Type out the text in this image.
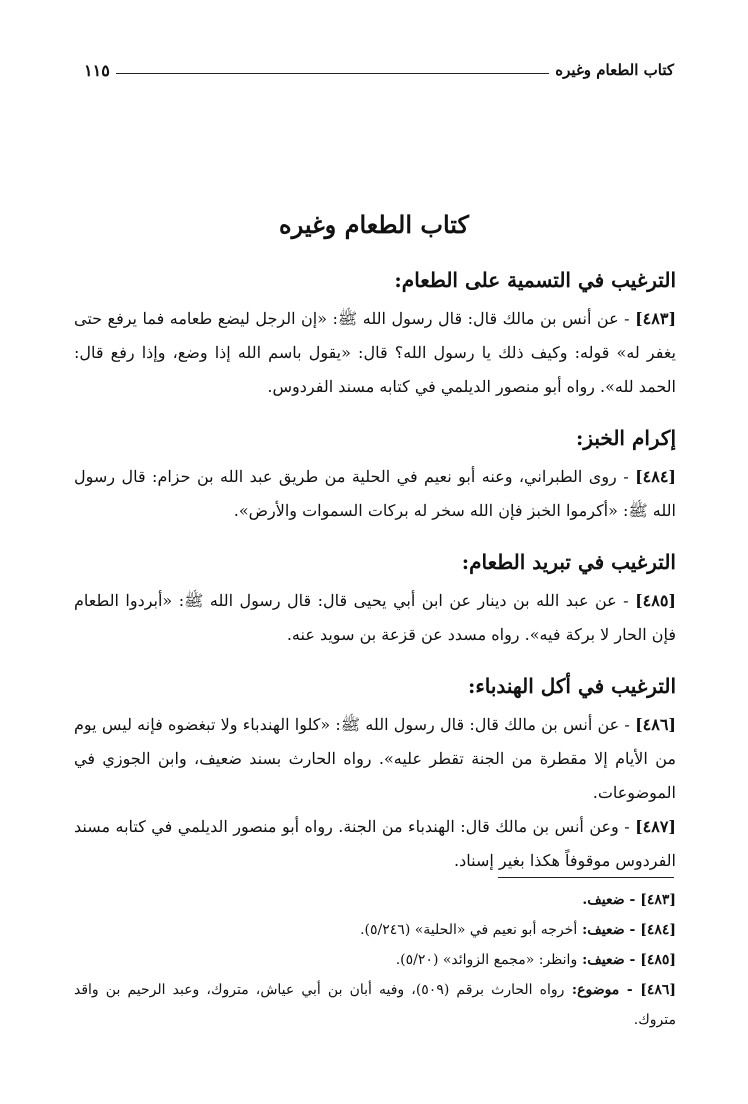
كتاب الطعام وغيره
١١٥
كتاب الطعام وغيره
الترغيب في التسمية على الطعام:

[٤٨٣] - عن أنس بن مالك قال: قال رسول الله ﷺ: «إن الرجل ليضع طعامه فما يرفع حتى يغفر له» قوله: وكيف ذلك يا رسول الله؟ قال: «يقول باسم الله إذا وضع، وإذا رفع قال: الحمد لله». رواه أبو منصور الديلمي في كتابه مسند الفردوس.

إكرام الخبز:

[٤٨٤] - روى الطبراني، وعنه أبو نعيم في الحلية من طريق عبد الله بن حزام: قال رسول الله ﷺ: «أكرموا الخبز فإن الله سخر له بركات السموات والأرض».

الترغيب في تبريد الطعام:

[٤٨٥] - عن عبد الله بن دينار عن ابن أبي يحيى قال: قال رسول الله ﷺ: «أبردوا الطعام فإن الحار لا بركة فيه». رواه مسدد عن قزعة بن سويد عنه.

الترغيب في أكل الهندباء:

[٤٨٦] - عن أنس بن مالك قال: قال رسول الله ﷺ: «كلوا الهندباء ولا تبغضوه فإنه ليس يوم من الأيام إلا مقطرة من الجنة تقطر عليه». رواه الحارث بسند ضعيف، وابن الجوزي في الموضوعات.

[٤٨٧] - وعن أنس بن مالك قال: الهندباء من الجنة. رواه أبو منصور الديلمي في كتابه مسند الفردوس موقوفاً هكذا بغير إسناد.

[٤٨٣] - ضعيف.

[٤٨٤] - ضعيف: أخرجه أبو نعيم في «الحلية» (٥/٢٤٦).

[٤٨٥] - ضعيف: وانظر: «مجمع الزوائد» (٥/٢٠).

[٤٨٦] - موضوع: رواه الحارث برقم (٥٠٩)، وفيه أبان بن أبي عياش، متروك، وعبد الرحيم بن واقد متروك.
